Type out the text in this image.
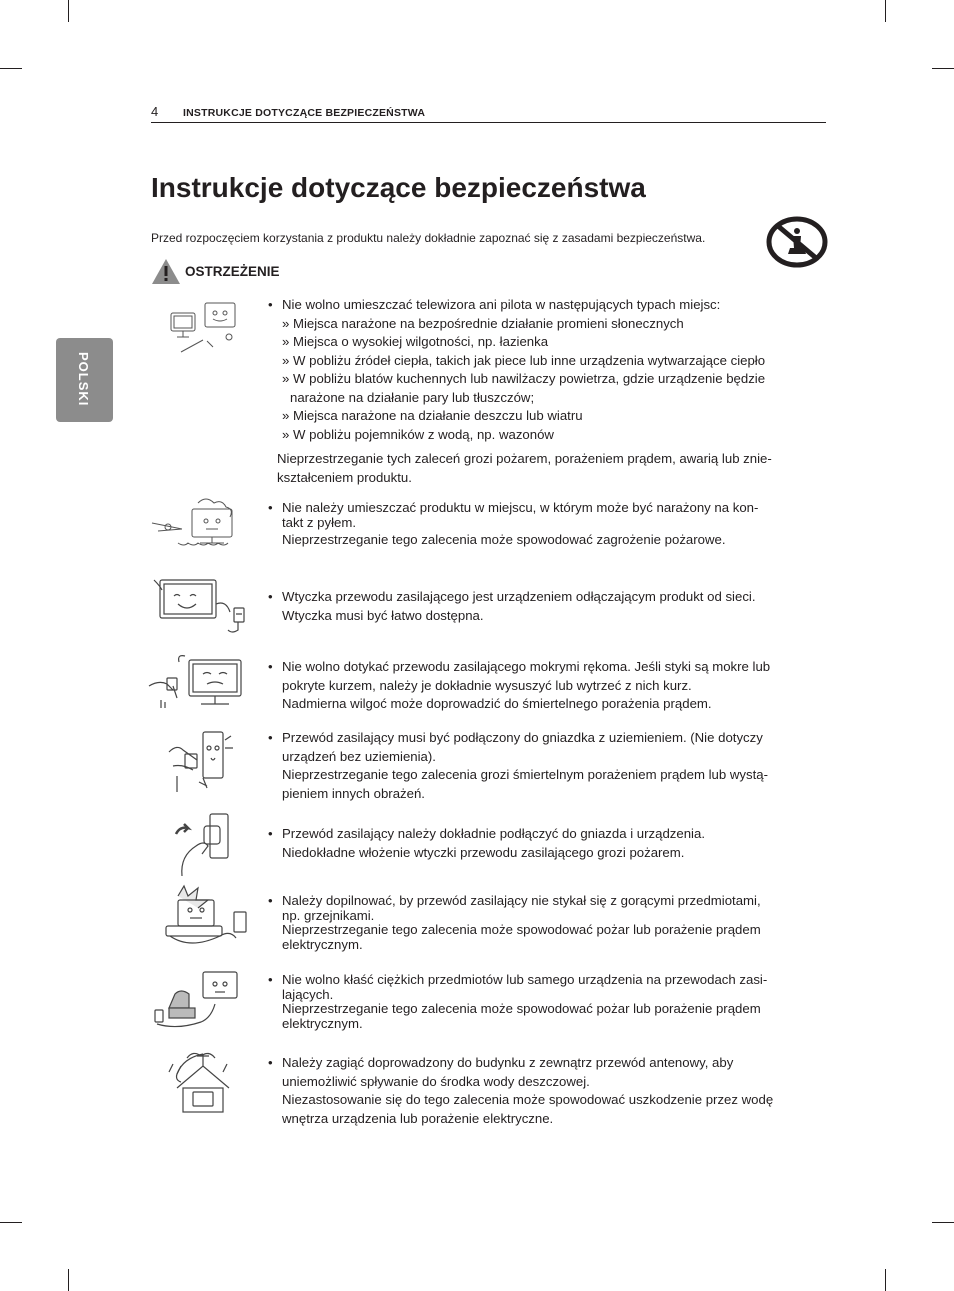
4 INSTRUKCJE DOTYCZĄCE BEZPIECZEŃSTWA
POLSKI
Instrukcje dotyczące bezpieczeństwa
Przed rozpoczęciem korzystania z produktu należy dokładnie zapoznać się z zasadami bezpieczeństwa.
OSTRZEŻENIE
• Nie wolno umieszczać telewizora ani pilota w następujących typach miejsc:
» Miejsca narażone na bezpośrednie działanie promieni słonecznych
» Miejsca o wysokiej wilgotności, np. łazienka
» W pobliżu źródeł ciepła, takich jak piece lub inne urządzenia wytwarzające ciepło
» W pobliżu blatów kuchennych lub nawilżaczy powietrza, gdzie urządzenie będzie
narażone na działanie pary lub tłuszczów;
» Miejsca narażone na działanie deszczu lub wiatru
» W pobliżu pojemników z wodą, np. wazonów
Nieprzestrzeganie tych zaleceń grozi pożarem, porażeniem prądem, awarią lub znie-kształceniem produktu.
• Nie należy umieszczać produktu w miejscu, w którym może być narażony na kon-
takt z pyłem.
Nieprzestrzeganie tego zalecenia może spowodować zagrożenie pożarowe.
• Wtyczka przewodu zasilającego jest urządzeniem odłączającym produkt od sieci.
Wtyczka musi być łatwo dostępna.
• Nie wolno dotykać przewodu zasilającego mokrymi rękoma. Jeśli styki są mokre lub
pokryte kurzem, należy je dokładnie wysuszyć lub wytrzeć z nich kurz.
Nadmierna wilgoć może doprowadzić do śmiertelnego porażenia prądem.
• Przewód zasilający musi być podłączony do gniazdka z uziemieniem. (Nie dotyczy
urządzeń bez uziemienia).
Nieprzestrzeganie tego zalecenia grozi śmiertelnym porażeniem prądem lub wystą-
pieniem innych obrażeń.
• Przewód zasilający należy dokładnie podłączyć do gniazda i urządzenia.
Niedokładne włożenie wtyczki przewodu zasilającego grozi pożarem.
• Należy dopilnować, by przewód zasilający nie stykał się z gorącymi przedmiotami,
np. grzejnikami.
Nieprzestrzeganie tego zalecenia może spowodować pożar lub porażenie prądem
elektrycznym.
• Nie wolno kłaść ciężkich przedmiotów lub samego urządzenia na przewodach zasi-
lających.
Nieprzestrzeganie tego zalecenia może spowodować pożar lub porażenie prądem
elektrycznym.
• Należy zagiąć doprowadzony do budynku z zewnątrz przewód antenowy, aby
uniemożliwić spływanie do środka wody deszczowej.
Niezastosowanie się do tego zalecenia może spowodować uszkodzenie przez wodę
wnętrza urządzenia lub porażenie elektryczne.
